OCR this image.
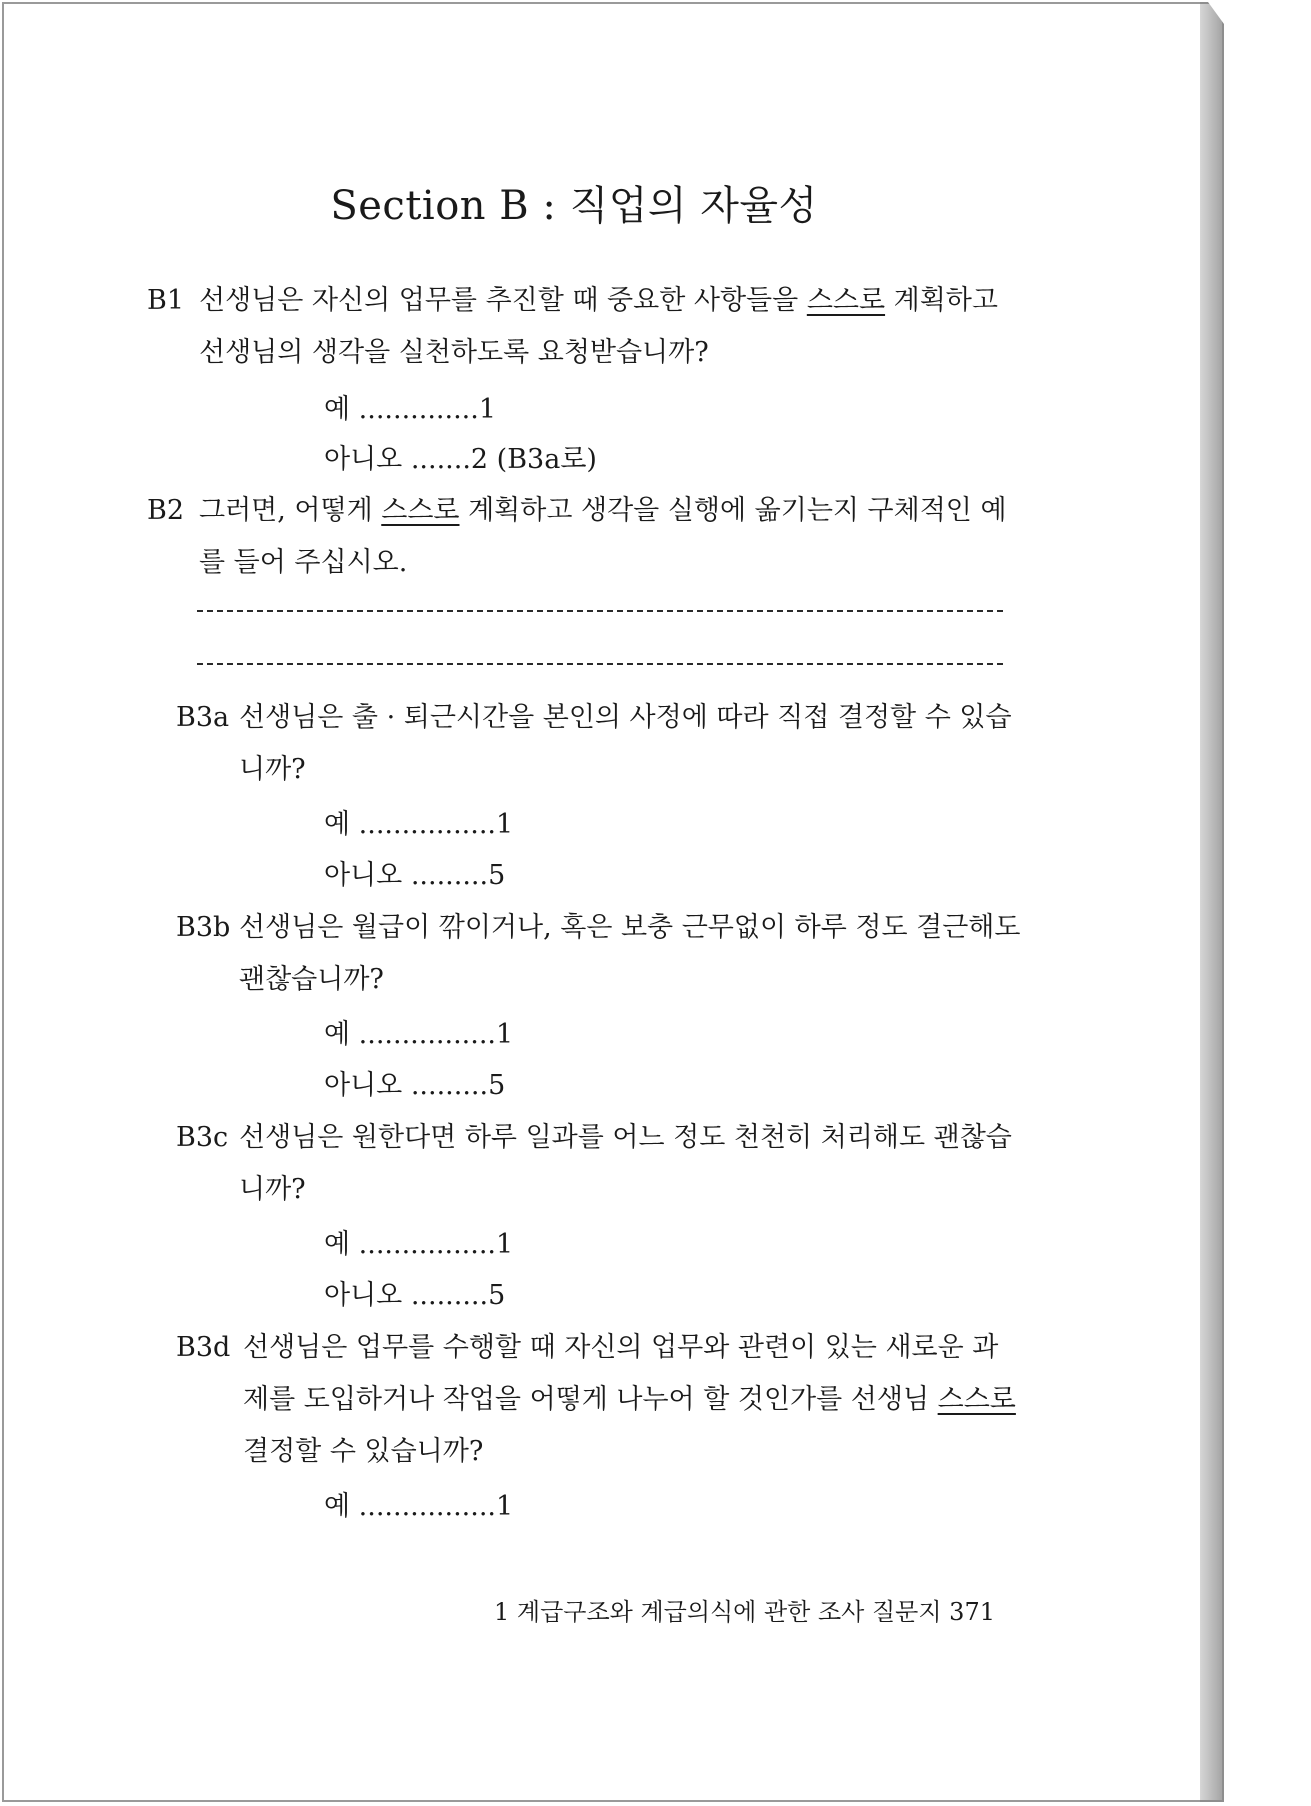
Section B : 직업의 자율성
B1 선생님은 자신의 업무를 추진할 때 중요한 사항들을 스스로 계획하고
선생님의 생각을 실천하도록 요청받습니까?
예 ..............1
아니오 .......2 (B3a로)
B2 그러면, 어떻게 스스로 계획하고 생각을 실행에 옮기는지 구체적인 예
를 들어 주십시오.
B3a 선생님은 출 · 퇴근시간을 본인의 사정에 따라 직접 결정할 수 있습
니까?
예 ................1
아니오 .........5
B3b 선생님은 월급이 깎이거나, 혹은 보충 근무없이 하루 정도 결근해도
괜찮습니까?
예 ................1
아니오 .........5
B3c 선생님은 원한다면 하루 일과를 어느 정도 천천히 처리해도 괜찮습
니까?
예 ................1
아니오 .........5
B3d 선생님은 업무를 수행할 때 자신의 업무와 관련이 있는 새로운 과
제를 도입하거나 작업을 어떻게 나누어 할 것인가를 선생님 스스로
결정할 수 있습니까?
예 ................1
1 계급구조와 계급의식에 관한 조사 질문지 371
